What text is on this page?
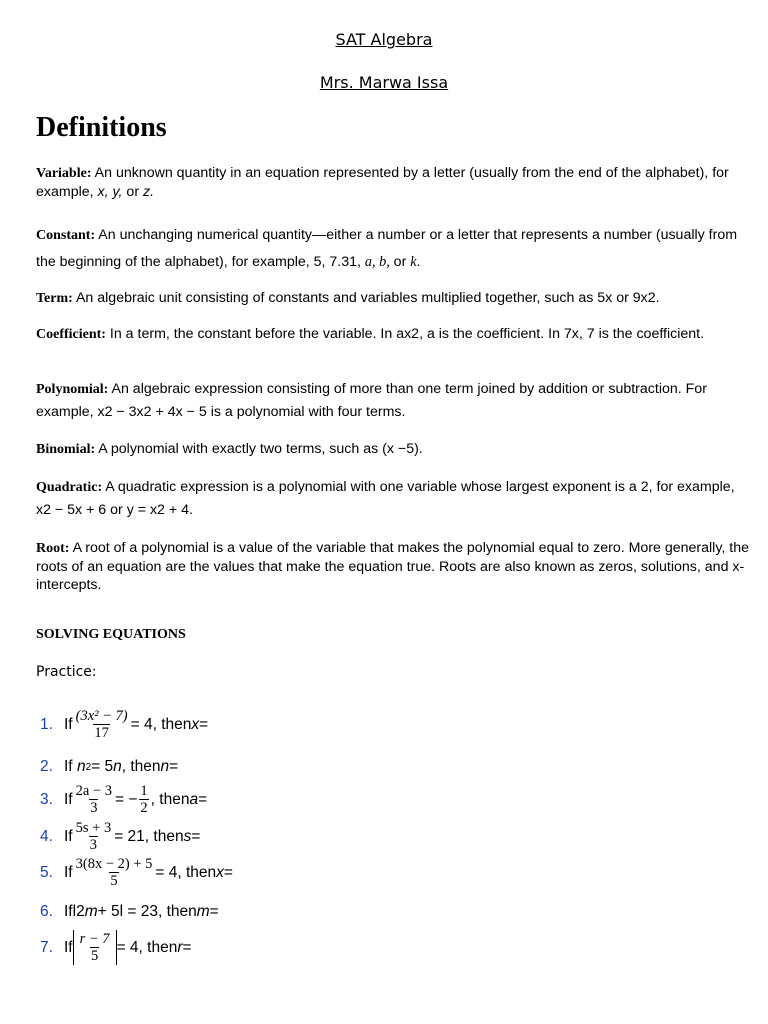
SAT Algebra
Mrs. Marwa Issa
Definitions
Variable: An unknown quantity in an equation represented by a letter (usually from the end of the alphabet), for example, x, y, or z.
Constant: An unchanging numerical quantity—either a number or a letter that represents a number (usually from the beginning of the alphabet), for example, 5, 7.31, a, b, or k.
Term: An algebraic unit consisting of constants and variables multiplied together, such as 5x or 9x2.
Coefficient: In a term, the constant before the variable. In ax2, a is the coefficient. In 7x, 7 is the coefficient.
Polynomial: An algebraic expression consisting of more than one term joined by addition or subtraction. For example, x2 − 3x2 + 4x − 5 is a polynomial with four terms.
Binomial: A polynomial with exactly two terms, such as (x −5).
Quadratic: A quadratic expression is a polynomial with one variable whose largest exponent is a 2, for example, x2 − 5x + 6 or y = x2 + 4.
Root: A root of a polynomial is a value of the variable that makes the polynomial equal to zero. More generally, the roots of an equation are the values that make the equation true. Roots are also known as zeros, solutions, and x-intercepts.
SOLVING EQUATIONS
Practice:
1. If $\frac{\text{(3x² − 7)}}{17} = 4$, then x =
2. If
n 2 = 5 n , then n =
3. If $\frac{2a - 3}{3}$ = − $\frac{1}{2}$ , then a =
4. If $\frac{5s + 3}{3} = 21$, then s =
5. If $\frac{3(8x - 2) + 5}{5} = 4$, then x =
6. If l2 m + 5l = 23, then m =
7. If $\frac{r - 7}{5} = 4$, then r =
